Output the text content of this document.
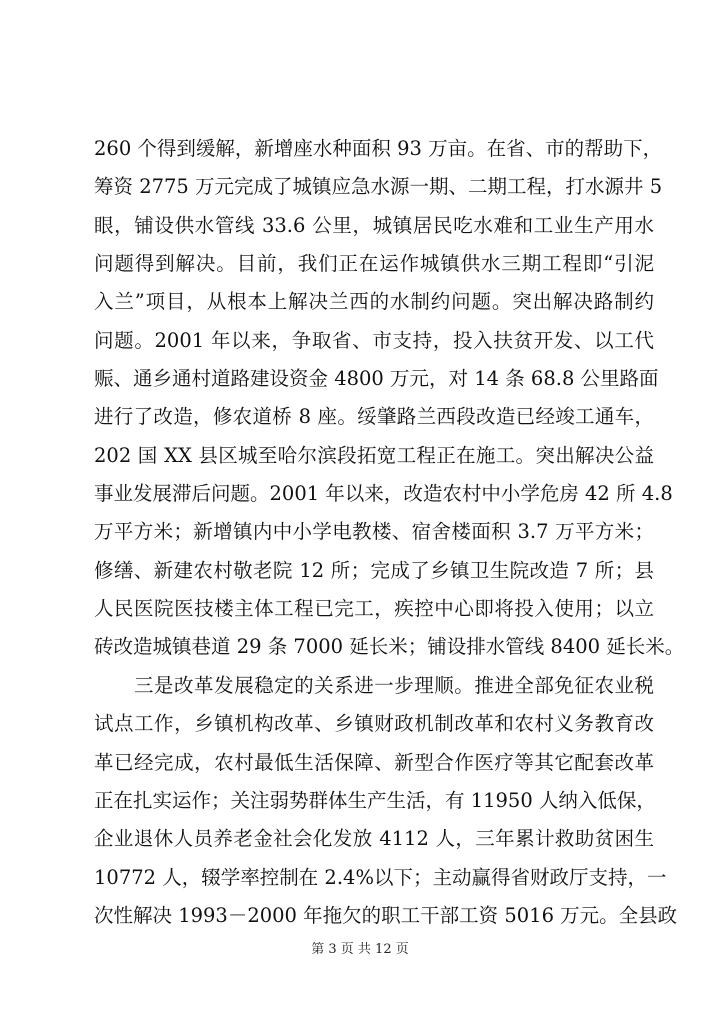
260 个得到缓解，新增座水种面积 93 万亩。在省、市的帮助下，
筹资 2775 万元完成了城镇应急水源一期、二期工程，打水源井 5
眼，铺设供水管线 33.6 公里，城镇居民吃水难和工业生产用水
问题得到解决。目前，我们正在运作城镇供水三期工程即“引泥
入兰”项目，从根本上解决兰西的水制约问题。突出解决路制约
问题。2001 年以来，争取省、市支持，投入扶贫开发、以工代
赈、通乡通村道路建设资金 4800 万元，对 14 条 68.8 公里路面
进行了改造，修农道桥 8 座。绥肇路兰西段改造已经竣工通车，
202 国 XX 县区城至哈尔滨段拓宽工程正在施工。突出解决公益
事业发展滞后问题。2001 年以来，改造农村中小学危房 42 所 4.8
万平方米；新增镇内中小学电教楼、宿舍楼面积 3.7 万平方米；
修缮、新建农村敬老院 12 所；完成了乡镇卫生院改造 7 所；县
人民医院医技楼主体工程已完工，疾控中心即将投入使用；以立
砖改造城镇巷道 29 条 7000 延长米；铺设排水管线 8400 延长米。
三是改革发展稳定的关系进一步理顺。推进全部免征农业税
试点工作，乡镇机构改革、乡镇财政机制改革和农村义务教育改
革已经完成，农村最低生活保障、新型合作医疗等其它配套改革
正在扎实运作；关注弱势群体生产生活，有 11950 人纳入低保，
企业退休人员养老金社会化发放 4112 人，三年累计救助贫困生
10772 人，辍学率控制在 2.4%以下；主动赢得省财政厅支持，一
次性解决 1993－2000 年拖欠的职工干部工资 5016 万元。全县政
第 3 页 共 12 页
